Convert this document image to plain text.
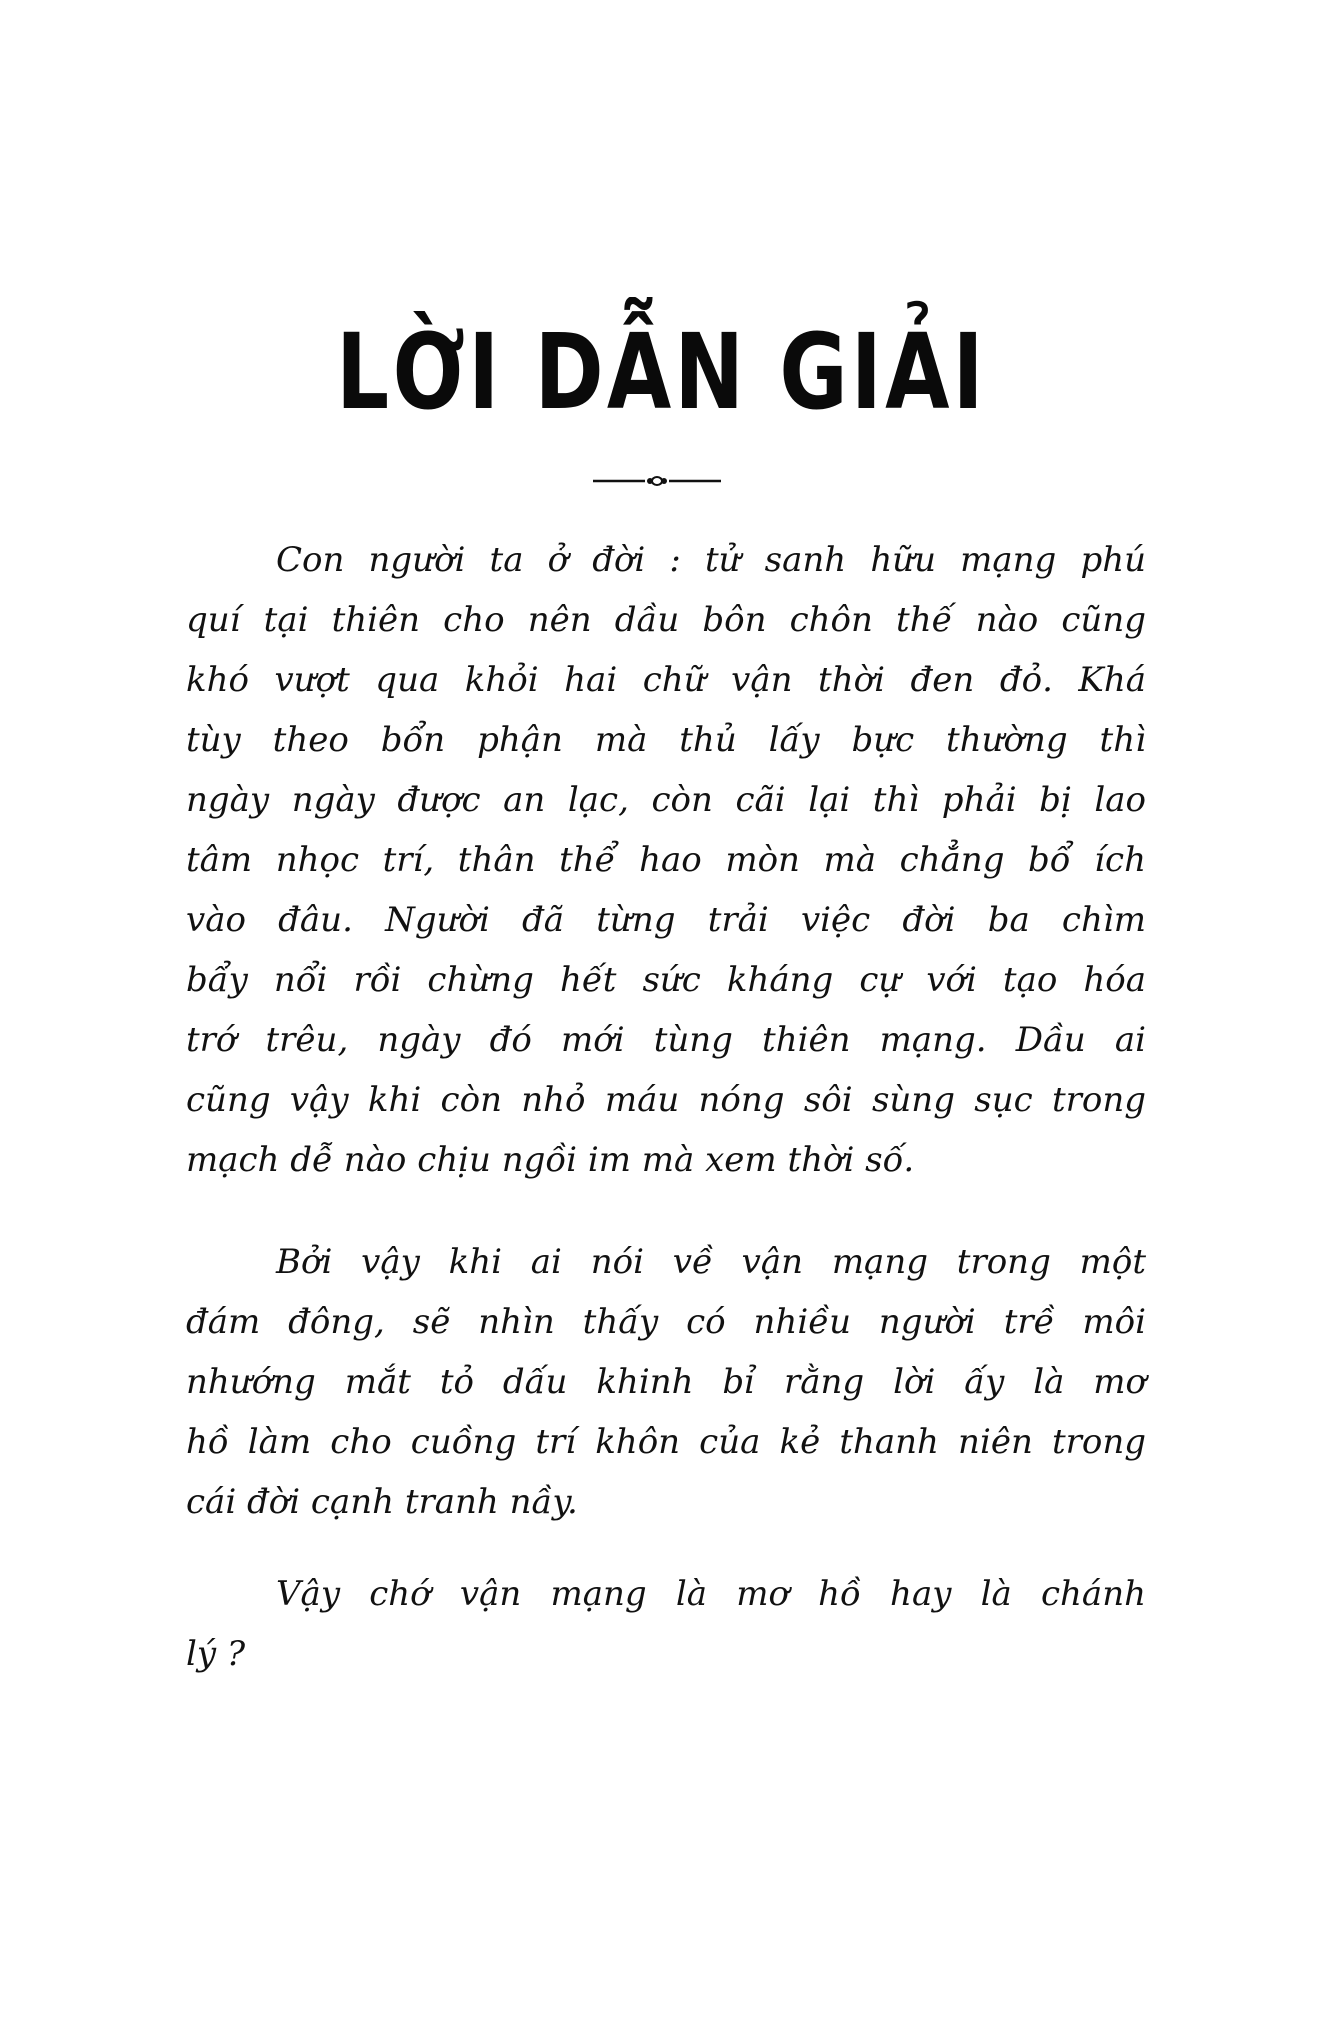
LỜI DẪN GIẢI
Con người ta ở đời : tử sanh hữu mạng phú
quí tại thiên cho nên dầu bôn chôn thế nào cũng
khó vượt qua khỏi hai chữ vận thời đen đỏ. Khá
tùy theo bổn phận mà thủ lấy bực thường thì
ngày ngày được an lạc, còn cãi lại thì phải bị lao
tâm nhọc trí, thân thể hao mòn mà chẳng bổ ích
vào đâu. Người đã từng trải việc đời ba chìm
bẩy nổi rồi chừng hết sức kháng cự với tạo hóa
trớ trêu, ngày đó mới tùng thiên mạng. Dầu ai
cũng vậy khi còn nhỏ máu nóng sôi sùng sục trong
mạch dễ nào chịu ngồi im mà xem thời số.
Bởi vậy khi ai nói về vận mạng trong một
đám đông, sẽ nhìn thấy có nhiều người trề môi
nhướng mắt tỏ dấu khinh bỉ rằng lời ấy là mơ
hồ làm cho cuồng trí khôn của kẻ thanh niên trong
cái đời cạnh tranh nầy.
Vậy chớ vận mạng là mơ hồ hay là chánh
lý ?
